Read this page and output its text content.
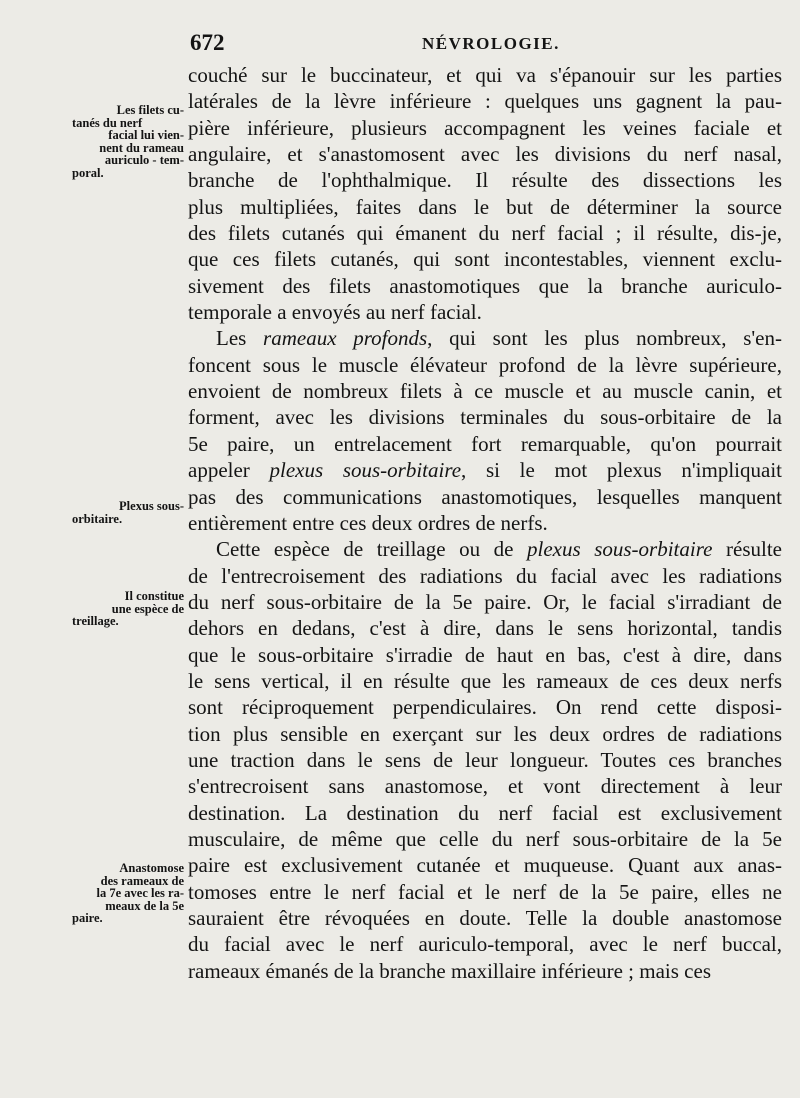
672	NÉVROLOGIE.
Les filets cu-
tanés du nerf
facial lui vien-
nent du rameau
auriculo - tem-
poral.
Plexus sous-
orbitaire.
Il constitue
une espèce de
treillage.
Anastomose
des rameaux de
la 7e avec les ra-
meaux de la 5e
paire.
couché sur le buccinateur, et qui va s'épanouir sur les parties
latérales de la lèvre inférieure : quelques uns gagnent la pau-
pière inférieure, plusieurs accompagnent les veines faciale et
angulaire, et s'anastomosent avec les divisions du nerf nasal,
branche de l'ophthalmique. Il résulte des dissections les
plus multipliées, faites dans le but de déterminer la source
des filets cutanés qui émanent du nerf facial ; il résulte, dis-je,
que ces filets cutanés, qui sont incontestables, viennent exclu-
sivement des filets anastomotiques que la branche auriculo-
temporale a envoyés au nerf facial.
Les rameaux profonds, qui sont les plus nombreux, s'en-
foncent sous le muscle élévateur profond de la lèvre supérieure,
envoient de nombreux filets à ce muscle et au muscle canin, et
forment, avec les divisions terminales du sous-orbitaire de la
5e paire, un entrelacement fort remarquable, qu'on pourrait
appeler plexus sous-orbitaire, si le mot plexus n'impliquait
pas des communications anastomotiques, lesquelles manquent
entièrement entre ces deux ordres de nerfs.
Cette espèce de treillage ou de plexus sous-orbitaire résulte
de l'entrecroisement des radiations du facial avec les radiations
du nerf sous-orbitaire de la 5e paire. Or, le facial s'irradiant de
dehors en dedans, c'est à dire, dans le sens horizontal, tandis
que le sous-orbitaire s'irradie de haut en bas, c'est à dire, dans
le sens vertical, il en résulte que les rameaux de ces deux nerfs
sont réciproquement perpendiculaires. On rend cette disposi-
tion plus sensible en exerçant sur les deux ordres de radiations
une traction dans le sens de leur longueur. Toutes ces branches
s'entrecroisent sans anastomose, et vont directement à leur
destination. La destination du nerf facial est exclusivement
musculaire, de même que celle du nerf sous-orbitaire de la 5e
paire est exclusivement cutanée et muqueuse. Quant aux anas-
tomoses entre le nerf facial et le nerf de la 5e paire, elles ne
sauraient être révoquées en doute. Telle la double anastomose
du facial avec le nerf auriculo-temporal, avec le nerf buccal,
rameaux émanés de la branche maxillaire inférieure ; mais ces
